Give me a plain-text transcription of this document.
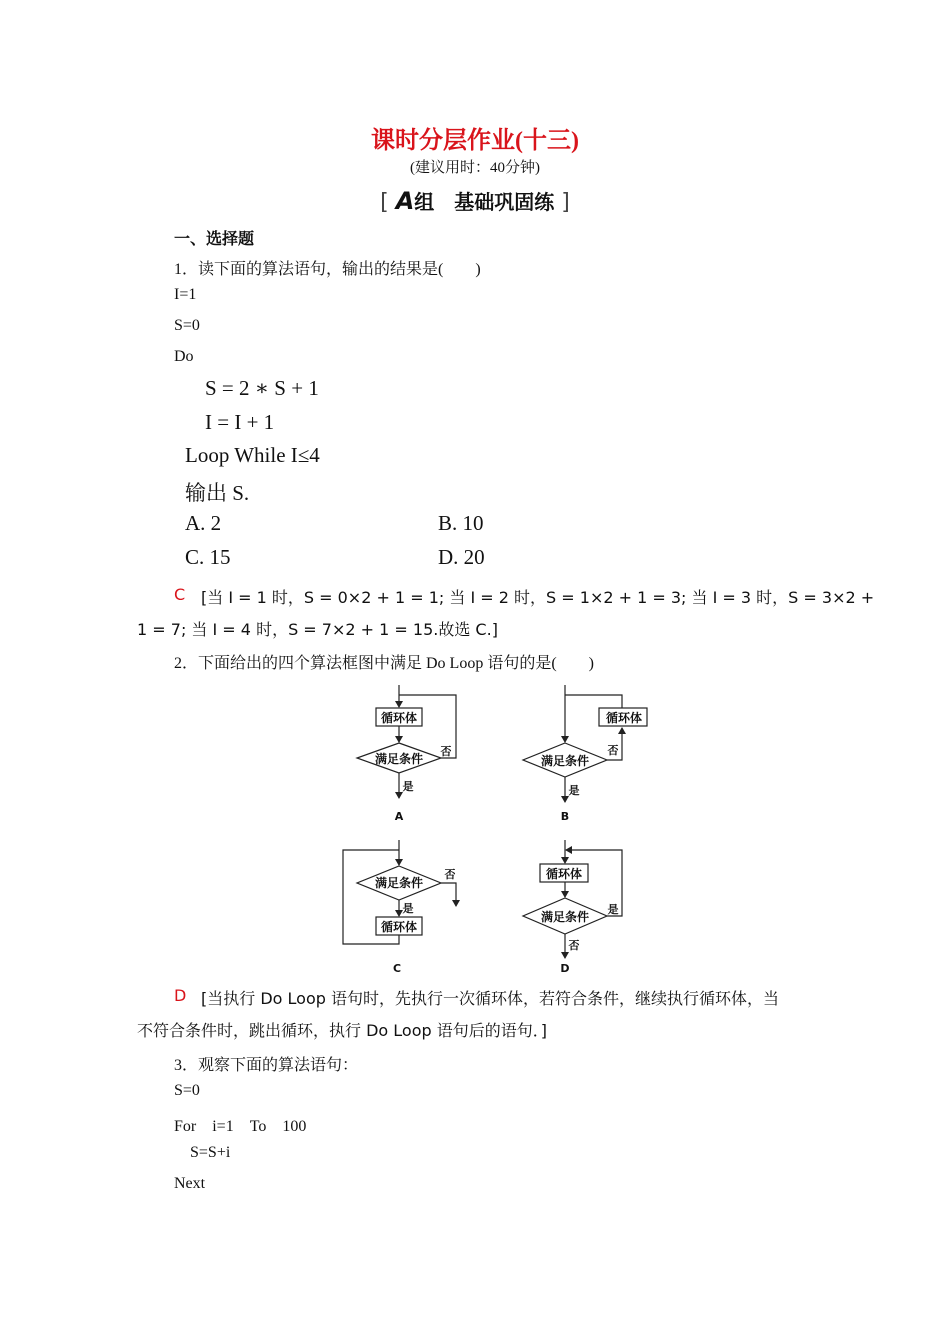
课时分层作业(十三)
(建议用时：40分钟)
[ A组　基础巩固练 ]
一、选择题
1．读下面的算法语句，输出的结果是(　　)
I=1
S=0
Do
S = 2 ∗ S + 1
I = I + 1
Loop While I≤4
输出 S.
A. 2	B. 10
C. 15	D. 20
C [当 I = 1 时，S = 0×2 + 1 = 1; 当 I = 2 时，S = 1×2 + 1 = 3; 当 I = 3 时，S = 3×2 +
1 = 7; 当 I = 4 时，S = 7×2 + 1 = 15.故选 C.]
2．下面给出的四个算法框图中满足 Do Loop 语句的是(　　)
循环体
满足条件
否
是
A
循环体
满足条件
否
是
B
满足条件
否
是
循环体
C
循环体
满足条件
是
否
D
D [当执行 Do Loop 语句时，先执行一次循环体，若符合条件，继续执行循环体，当
不符合条件时，跳出循环，执行 Do Loop 语句后的语句．]
3．观察下面的算法语句：
S=0
For　i=1　To　100
S=S+i
Next
